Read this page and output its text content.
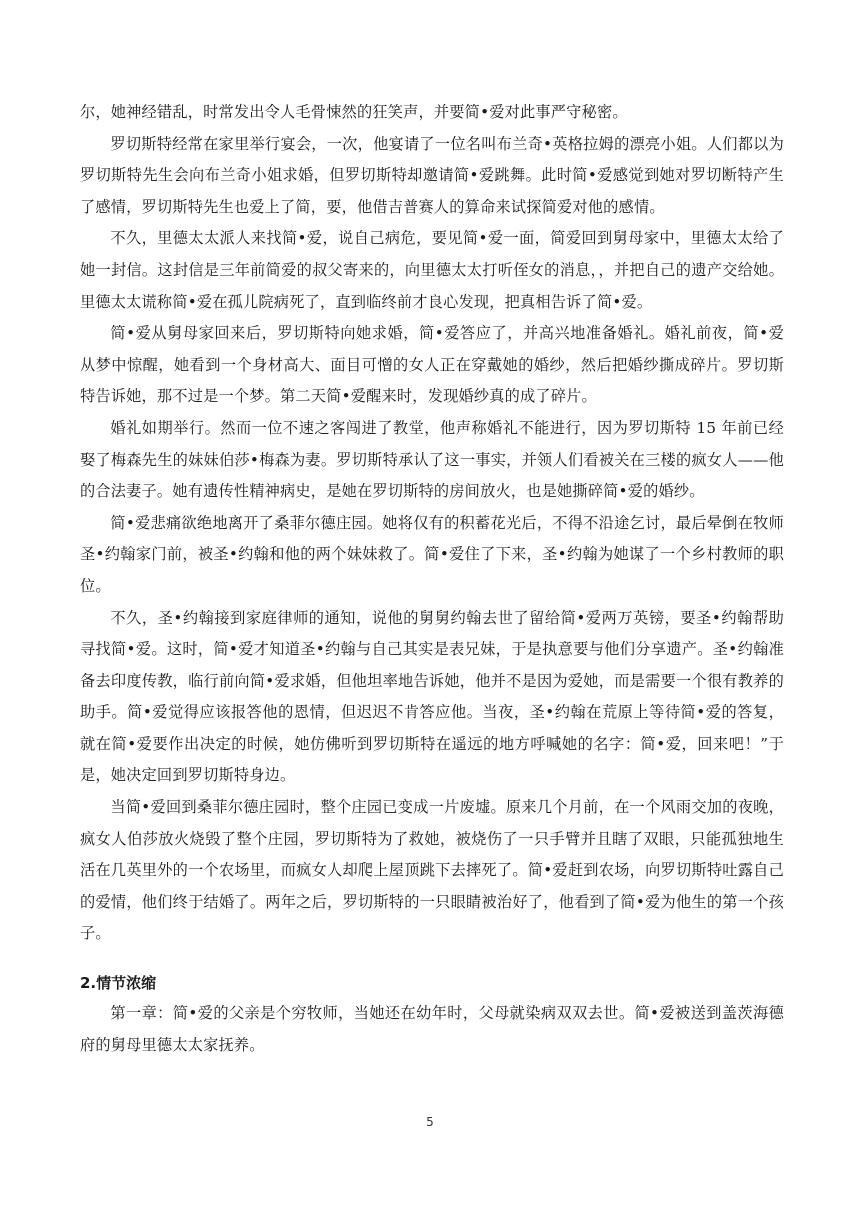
尔，她神经错乱，时常发出令人毛骨悚然的狂笑声，并要简•爱对此事严守秘密。

罗切斯特经常在家里举行宴会，一次，他宴请了一位名叫布兰奇•英格拉姆的漂亮小姐。人们都以为罗切斯特先生会向布兰奇小姐求婚，但罗切斯特却邀请简•爱跳舞。此时简•爱感觉到她对罗切断特产生了感情，罗切斯特先生也爱上了简，要，他借吉普赛人的算命来试探简爱对他的感情。

不久，里德太太派人来找简•爱，说自己病危，要见简•爱一面，简爱回到舅母家中，里德太太给了她一封信。这封信是三年前简爱的叔父寄来的，向里德太太打听侄女的消息，，并把自己的遗产交给她。里德太太谎称简•爱在孤儿院病死了，直到临终前才良心发现，把真相告诉了简•爱。

简•爱从舅母家回来后，罗切斯特向她求婚，简•爱答应了，并高兴地准备婚礼。婚礼前夜，简•爱从梦中惊醒，她看到一个身材高大、面目可憎的女人正在穿戴她的婚纱，然后把婚纱撕成碎片。罗切斯特告诉她，那不过是一个梦。第二天简•爱醒来时，发现婚纱真的成了碎片。

婚礼如期举行。然而一位不速之客闯进了教堂，他声称婚礼不能进行，因为罗切斯特 15 年前已经娶了梅森先生的妹妹伯莎•梅森为妻。罗切斯特承认了这一事实，并领人们看被关在三楼的疯女人——他的合法妻子。她有遗传性精神病史，是她在罗切斯特的房间放火，也是她撕碎简•爱的婚纱。

简•爱悲痛欲绝地离开了桑菲尔德庄园。她将仅有的积蓄花光后，不得不沿途乞讨，最后晕倒在牧师圣•约翰家门前，被圣•约翰和他的两个妹妹救了。简•爱住了下来，圣•约翰为她谋了一个乡村教师的职位。

不久，圣•约翰接到家庭律师的通知，说他的舅舅约翰去世了留给简•爱两万英镑，要圣•约翰帮助寻找简•爱。这时，简•爱才知道圣•约翰与自己其实是表兄妹，于是执意要与他们分享遗产。圣•约翰准备去印度传教，临行前向简•爱求婚，但他坦率地告诉她，他并不是因为爱她，而是需要一个很有教养的助手。简•爱觉得应该报答他的恩情，但迟迟不肯答应他。当夜，圣•约翰在荒原上等待简•爱的答复，就在简•爱要作出决定的时候，她仿佛听到罗切斯特在遥远的地方呼喊她的名字：简•爱，回来吧！”于是，她决定回到罗切斯特身边。

当简•爱回到桑菲尔德庄园时，整个庄园已变成一片废墟。原来几个月前，在一个风雨交加的夜晚，疯女人伯莎放火烧毁了整个庄园，罗切斯特为了救她，被烧伤了一只手臂并且瞎了双眼，只能孤独地生活在几英里外的一个农场里，而疯女人却爬上屋顶跳下去摔死了。简•爱赶到农场，向罗切斯特吐露自己的爱情，他们终于结婚了。两年之后，罗切斯特的一只眼睛被治好了，他看到了简•爱为他生的第一个孩子。

2.情节浓缩

第一章：简•爱的父亲是个穷牧师，当她还在幼年时，父母就染病双双去世。简•爱被送到盖茨海德府的舅母里德太太家抚养。

5
